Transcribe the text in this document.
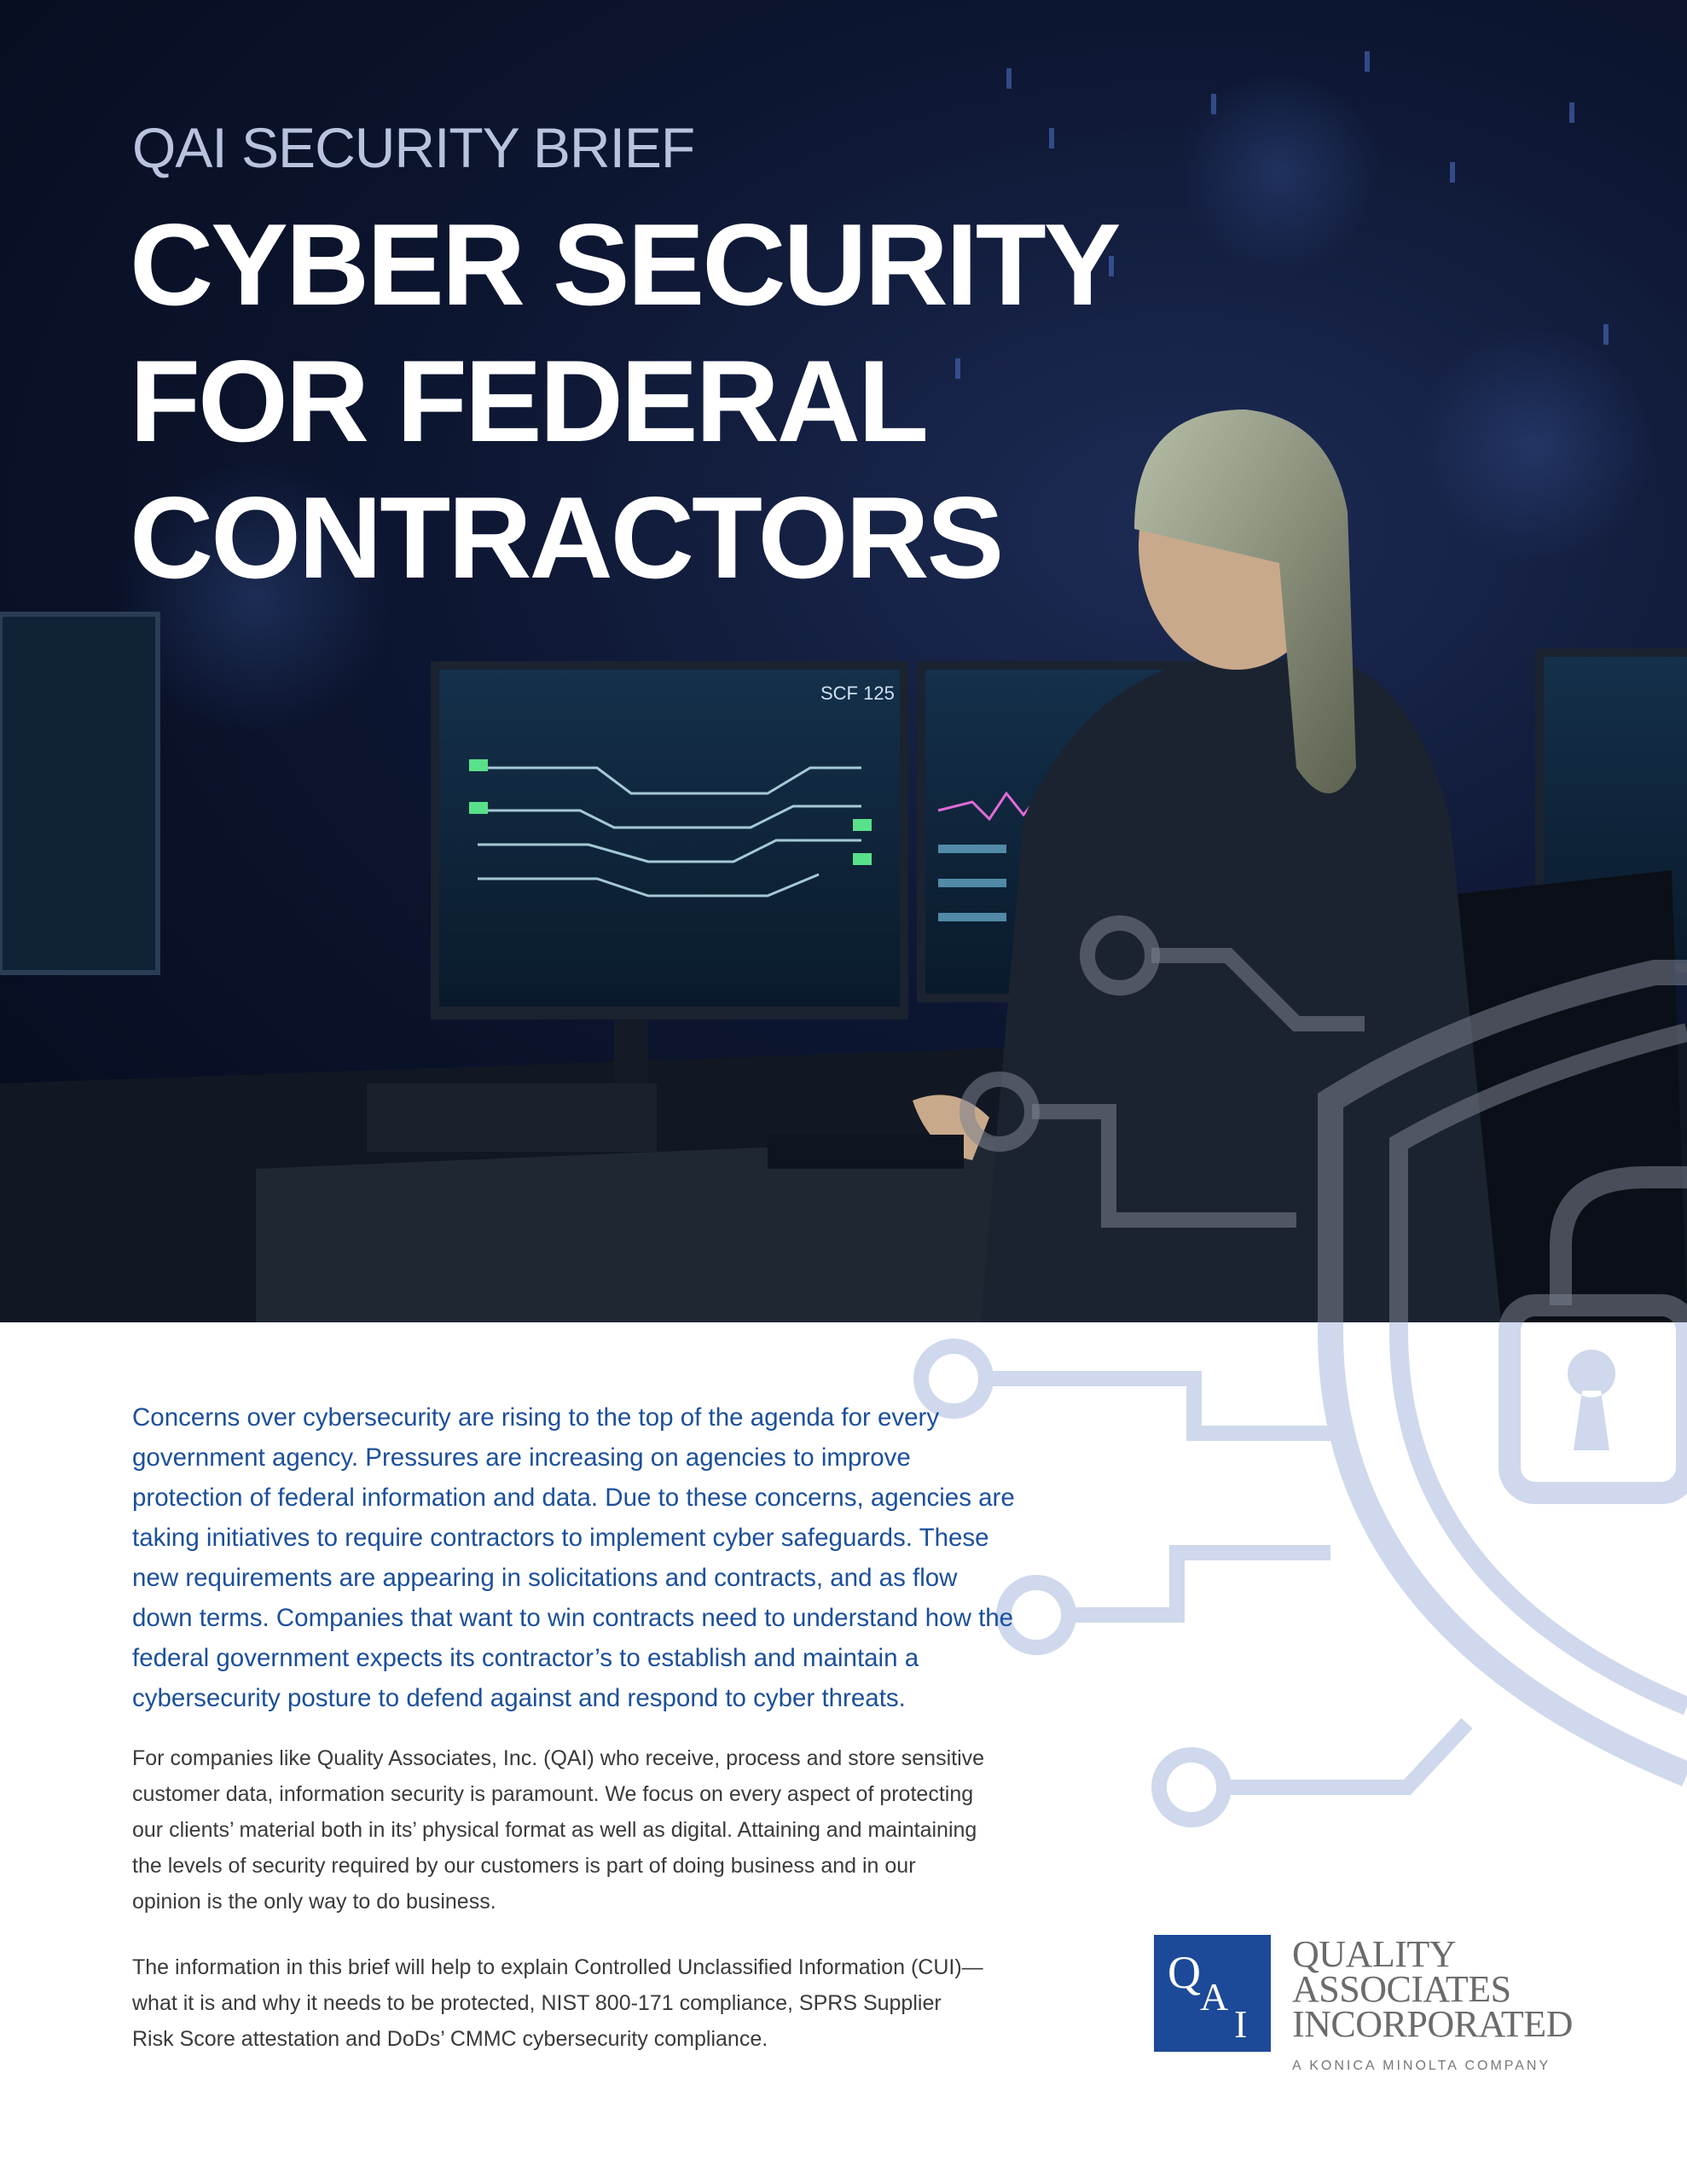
SCF 125
QAI SECURITY BRIEF
CYBER SECURITY
FOR FEDERAL
CONTRACTORS

Concerns over cybersecurity are rising to the top of the agenda for every government agency. Pressures are increasing on agencies to improve protection of federal information and data. Due to these concerns, agencies are taking initiatives to require contractors to implement cyber safeguards. These new requirements are appearing in solicitations and contracts, and as flow down terms. Companies that want to win contracts need to understand how the federal government expects its contractor’s to establish and maintain a cybersecurity posture to defend against and respond to cyber threats.

For companies like Quality Associates, Inc. (QAI) who receive, process and store sensitive customer data, information security is paramount. We focus on every aspect of protecting our clients’ material both in its’ physical format as well as digital. Attaining and maintaining the levels of security required by our customers is part of doing business and in our opinion is the only way to do business.

The information in this brief will help to explain Controlled Unclassified Information (CUI)—what it is and why it needs to be protected, NIST 800-171 compliance, SPRS Supplier Risk Score attestation and DoDs’ CMMC cybersecurity compliance.

Q A
I

QUALITY
ASSOCIATES
INCORPORATED

A KONICA MINOLTA COMPANY
